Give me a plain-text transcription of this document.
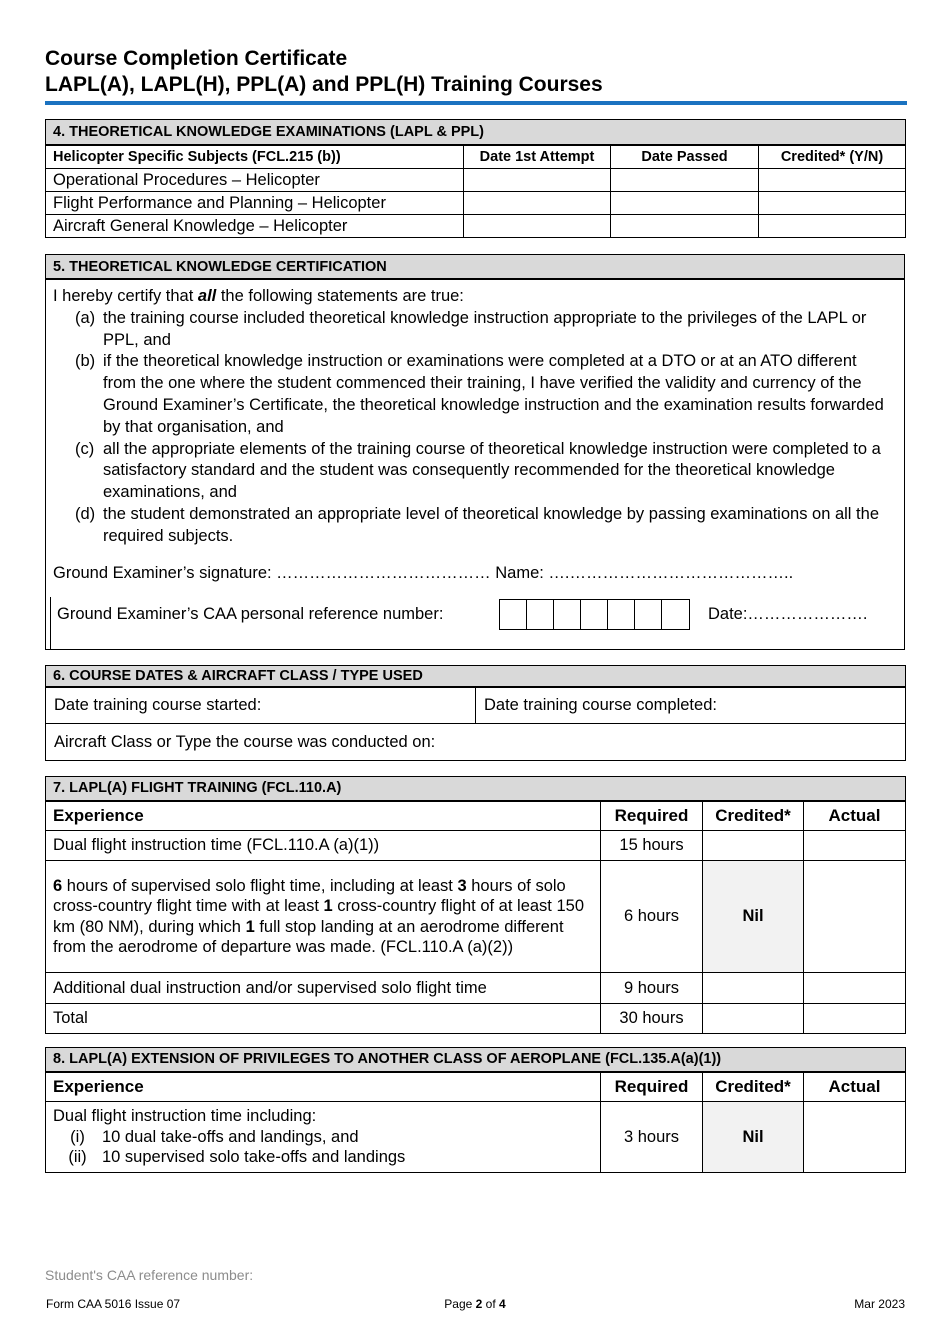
Course Completion Certificate
LAPL(A), LAPL(H), PPL(A) and PPL(H) Training Courses
4. THEORETICAL KNOWLEDGE EXAMINATIONS (LAPL & PPL)			
Helicopter Specific Subjects (FCL.215 (b))	Date 1st Attempt	Date Passed	Credited* (Y/N)
Operational Procedures – Helicopter			
Flight Performance and Planning – Helicopter			
Aircraft General Knowledge – Helicopter			
5. THEORETICAL KNOWLEDGE CERTIFICATION
I hereby certify that all the following statements are true:
(a) the training course included theoretical knowledge instruction appropriate to the privileges of the LAPL or PPL, and
(b) if the theoretical knowledge instruction or examinations were completed at a DTO or at an ATO different from the one where the student commenced their training, I have verified the validity and currency of the Ground Examiner’s Certificate, the theoretical knowledge instruction and the examination results forwarded by that organisation, and
(c) all the appropriate elements of the training course of theoretical knowledge instruction were completed to a satisfactory standard and the student was consequently recommended for the theoretical knowledge examinations, and
(d) the student demonstrated an appropriate level of theoretical knowledge by passing examinations on all the required subjects.
Ground Examiner’s signature: ………………………………… Name: ….…………………………………..
Ground Examiner’s CAA personal reference number:	Date:………………….
6. COURSE DATES & AIRCRAFT CLASS / TYPE USED
Date training course started:	Date training course completed:
Aircraft Class or Type the course was conducted on:
7. LAPL(A) FLIGHT TRAINING (FCL.110.A)			
Experience	Required	Credited*	Actual
Dual flight instruction time (FCL.110.A (a)(1))	15 hours		
6 hours of supervised solo flight time, including at least 3 hours of solo cross-country flight time with at least 1 cross-country flight of at least 150 km (80 NM), during which 1 full stop landing at an aerodrome different from the aerodrome of departure was made. (FCL.110.A (a)(2))	6 hours	Nil	
Additional dual instruction and/or supervised solo flight time	9 hours		
Total	30 hours		
8. LAPL(A) EXTENSION OF PRIVILEGES TO ANOTHER CLASS OF AEROPLANE (FCL.135.A(a)(1))			
Experience	Required	Credited*	Actual

Dual flight instruction time including:
(i) 10 dual take-offs and landings, and
(ii) 10 supervised solo take-offs and landings	3 hours	Nil	
Student's CAA reference number:
Form CAA 5016 Issue 07	Page 2 of 4	Mar 2023
